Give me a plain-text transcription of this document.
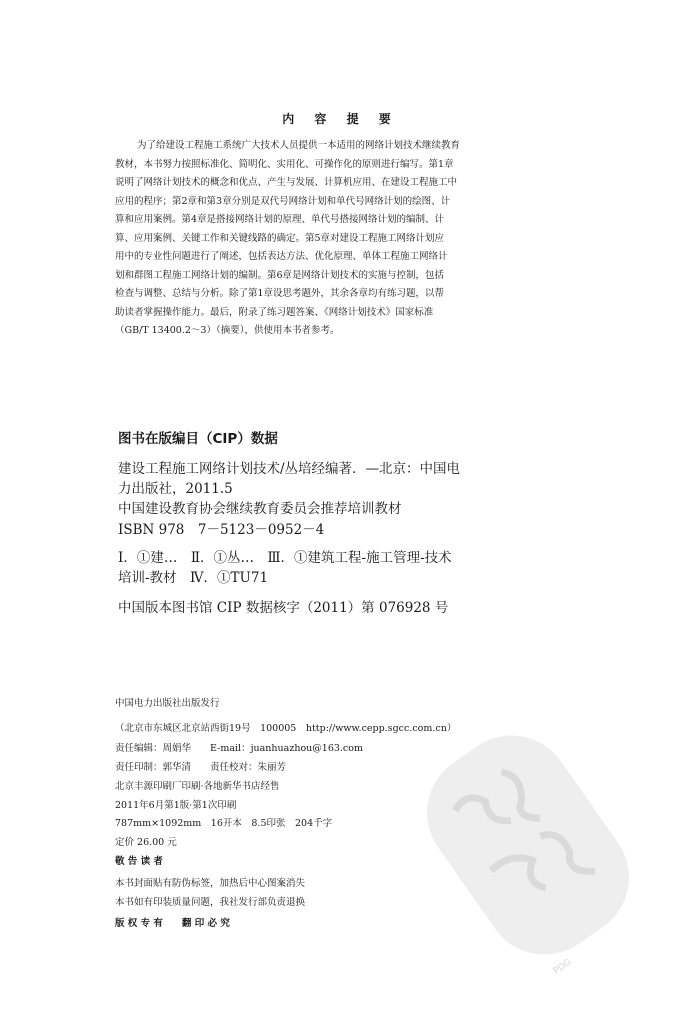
内 容 提 要
为了给建设工程施工系统广大技术人员提供一本适用的网络计划技术继续教育
教材，本书努力按照标准化、简明化、实用化、可操作化的原则进行编写。第1章
说明了网络计划技术的概念和优点、产生与发展、计算机应用、在建设工程施工中
应用的程序；第2章和第3章分别是双代号网络计划和单代号网络计划的绘图、计
算和应用案例。第4章是搭接网络计划的原理、单代号搭接网络计划的编制、计
算、应用案例、关键工作和关键线路的确定。第5章对建设工程施工网络计划应
用中的专业性问题进行了阐述，包括表达方法、优化原理、单体工程施工网络计
划和群图工程施工网络计划的编制。第6章是网络计划技术的实施与控制，包括
检查与调整、总结与分析。除了第1章设思考题外，其余各章均有练习题，以帮
助读者掌握操作能力。最后，附录了练习题答案、《网络计划技术》国家标准
（GB/T 13400.2～3）（摘要），供使用本书者参考。
图书在版编目（CIP）数据
建设工程施工网络计划技术/丛培经编著．—北京：中国电
力出版社，2011.5
中国建设教育协会继续教育委员会推荐培训教材
ISBN 978　7－5123－0952－4
Ⅰ．①建…　Ⅱ．①丛…　Ⅲ．①建筑工程-施工管理-技术
培训-教材　Ⅳ．①TU71
中国版本图书馆 CIP 数据核字（2011）第 076928 号
中国电力出版社出版发行
（北京市东城区北京站西街19号　100005　http://www.cepp.sgcc.com.cn）
责任编辑：周娟华　　E-mail：juanhuazhou@163.com
责任印制：郭华清　　责任校对：朱丽芳
北京丰源印刷厂印刷·各地新华书店经售
2011年6月第1版·第1次印刷
787mm×1092mm　16开本　8.5印张　204千字
定价 26.00 元
敬 告 读 者
本书封面贴有防伪标签，加热后中心图案消失
本书如有印装质量问题，我社发行部负责退换
版 权 专 有　　翻 印 必 究
PDG
